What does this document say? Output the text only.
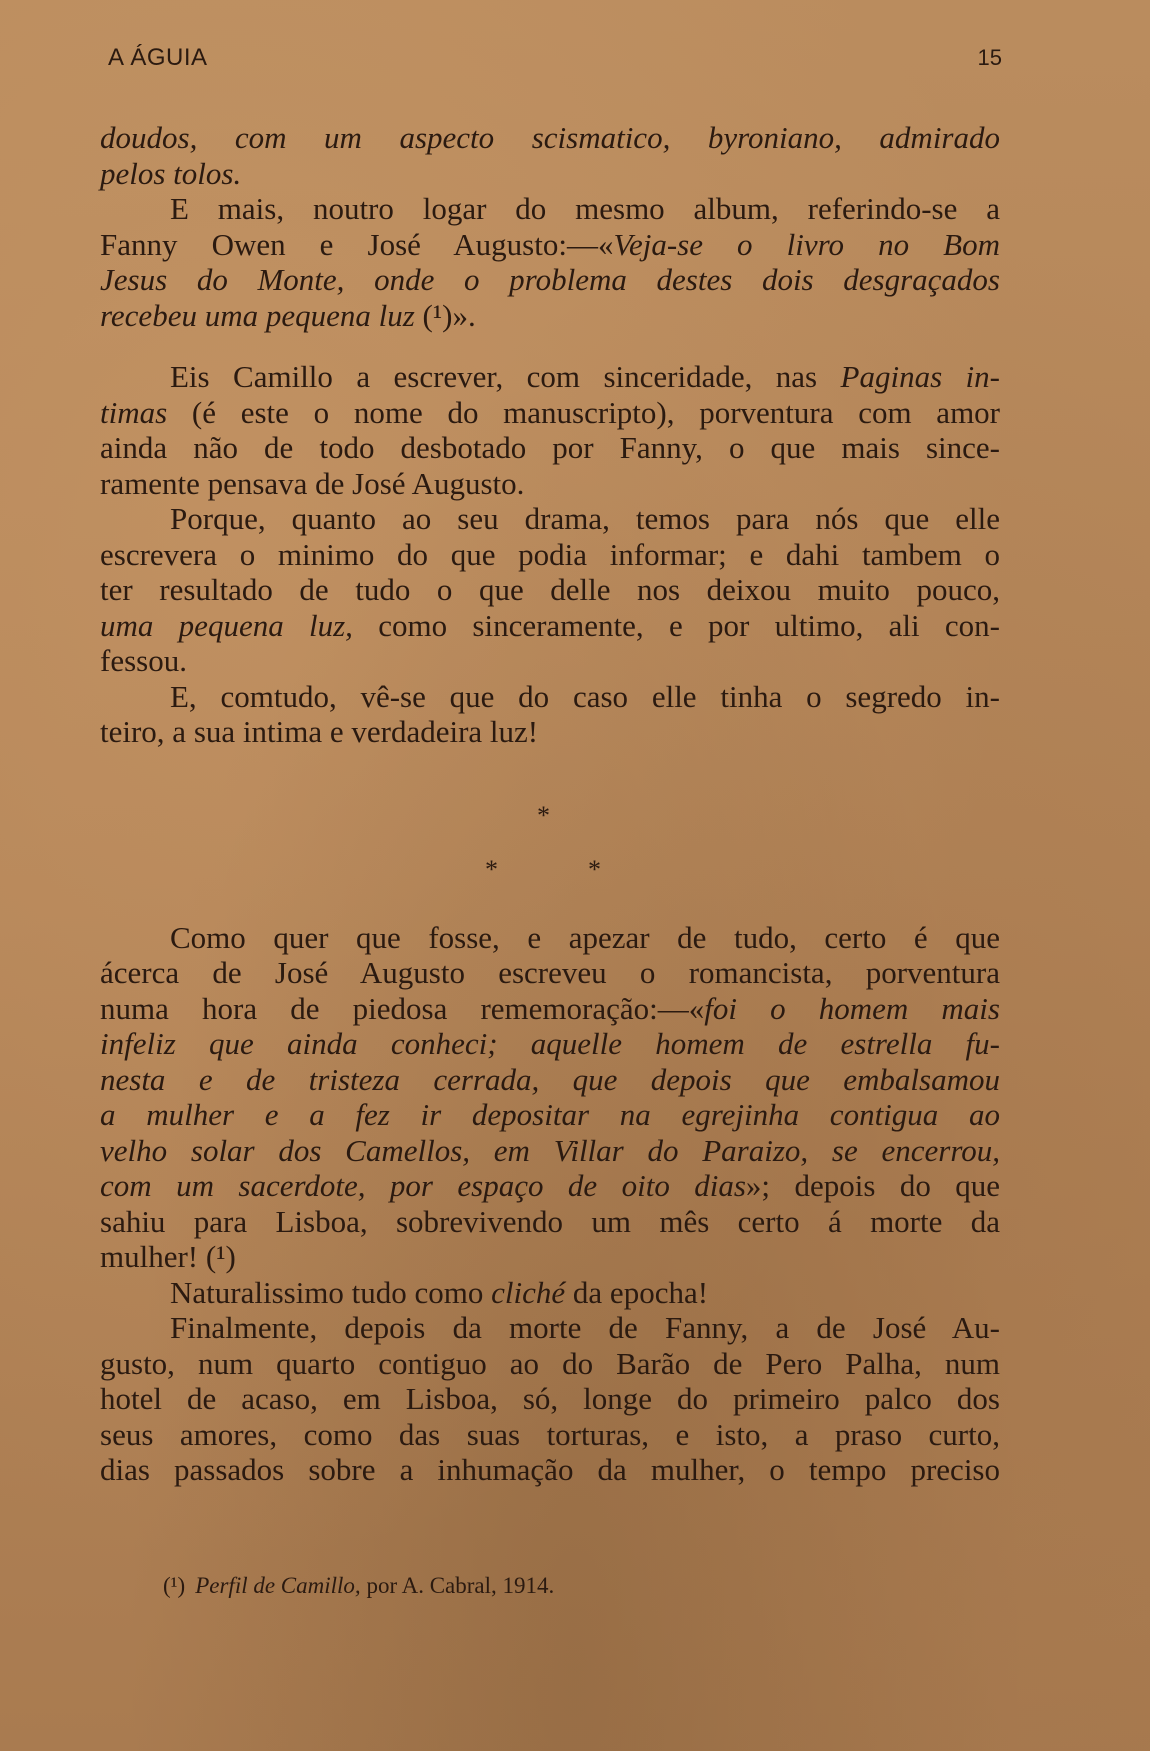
A ÁGUIA	15
doudos, com um aspecto scismatico, byroniano, admirado
pelos tolos.
E mais, noutro logar do mesmo album, referindo-se a
Fanny Owen e José Augusto:—«Veja-se o livro no Bom
Jesus do Monte, onde o problema destes dois desgraçados
recebeu uma pequena luz (¹)».
Eis Camillo a escrever, com sinceridade, nas Paginas in-
timas (é este o nome do manuscripto), porventura com amor
ainda não de todo desbotado por Fanny, o que mais since-
ramente pensava de José Augusto.
Porque, quanto ao seu drama, temos para nós que elle
escrevera o minimo do que podia informar; e dahi tambem o
ter resultado de tudo o que delle nos deixou muito pouco,
uma pequena luz, como sinceramente, e por ultimo, ali con-
fessou.
E, comtudo, vê-se que do caso elle tinha o segredo in-
teiro, a sua intima e verdadeira luz!
*
*	*
Como quer que fosse, e apezar de tudo, certo é que
ácerca de José Augusto escreveu o romancista, porventura
numa hora de piedosa rememoração:—«foi o homem mais
infeliz que ainda conheci; aquelle homem de estrella fu-
nesta e de tristeza cerrada, que depois que embalsamou
a mulher e a fez ir depositar na egrejinha contigua ao
velho solar dos Camellos, em Villar do Paraizo, se encerrou,
com um sacerdote, por espaço de oito dias»; depois do que
sahiu para Lisboa, sobrevivendo um mês certo á morte da
mulher! (¹)
Naturalissimo tudo como cliché da epocha!
Finalmente, depois da morte de Fanny, a de José Au-
gusto, num quarto contiguo ao do Barão de Pero Palha, num
hotel de acaso, em Lisboa, só, longe do primeiro palco dos
seus amores, como das suas torturas, e isto, a praso curto,
dias passados sobre a inhumação da mulher, o tempo preciso
(¹) Perfil de Camillo, por A. Cabral, 1914.
